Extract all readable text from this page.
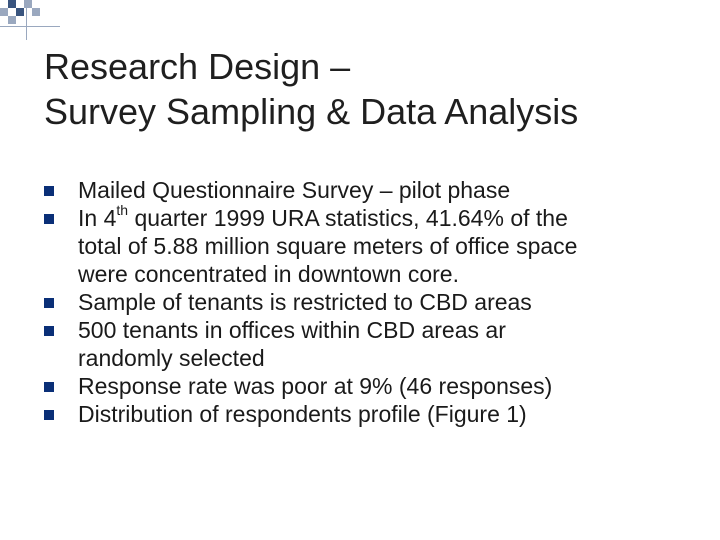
Research Design –
Survey Sampling & Data Analysis
Mailed Questionnaire Survey – pilot phase
In 4th quarter 1999 URA statistics, 41.64% of the
total of 5.88 million square meters of office space
were concentrated in downtown core.
Sample of tenants is restricted to CBD areas
500 tenants in offices within CBD areas ar
randomly selected
Response rate was poor at 9% (46 responses)
Distribution of respondents profile (Figure 1)
